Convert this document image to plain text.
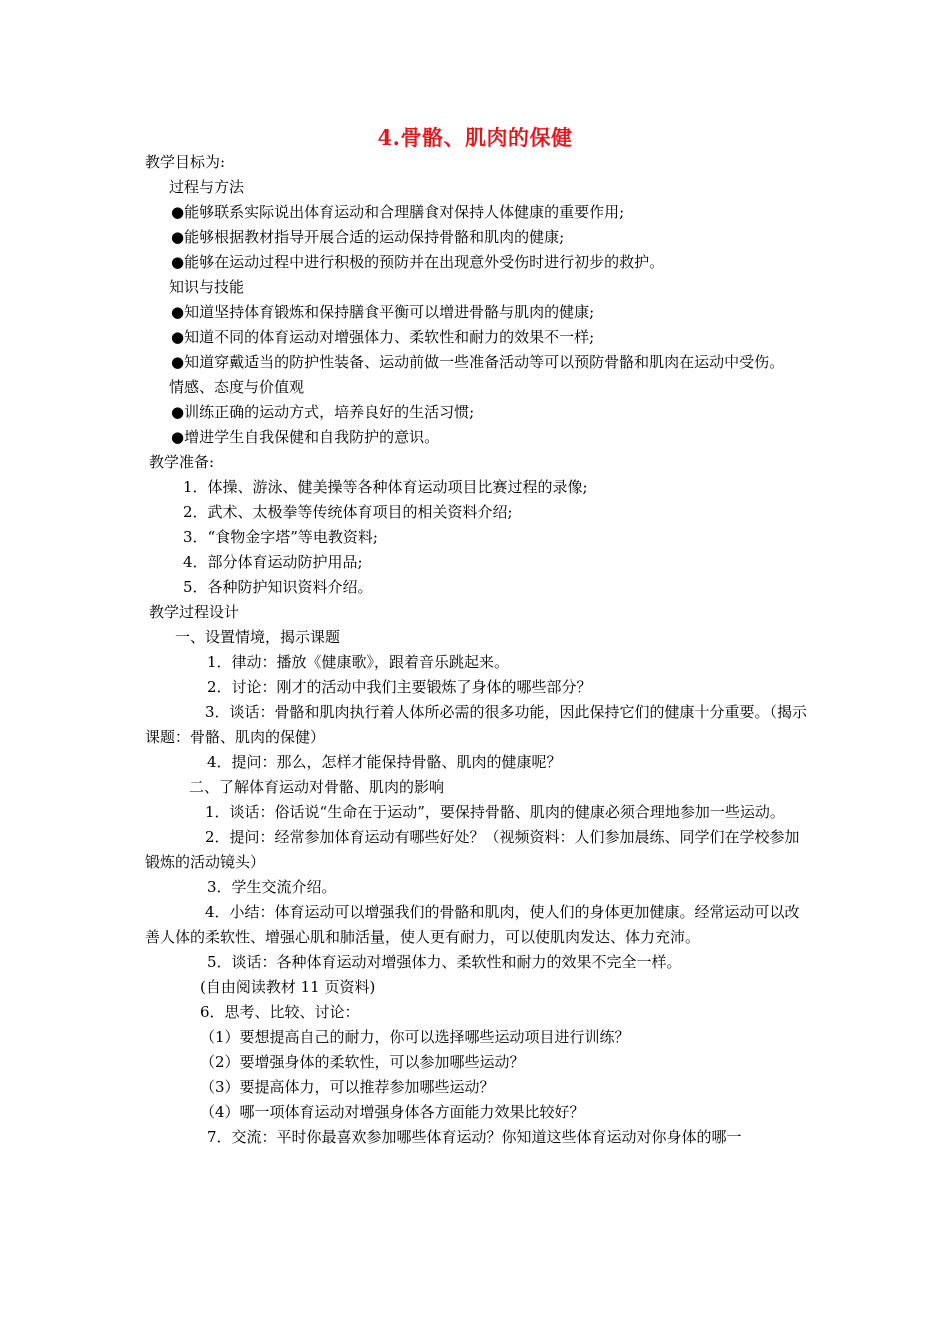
4.骨骼、肌肉的保健
教学目标为:
过程与方法
●能够联系实际说出体育运动和合理膳食对保持人体健康的重要作用;
●能够根据教材指导开展合适的运动保持骨骼和肌肉的健康;
●能够在运动过程中进行积极的预防并在出现意外受伤时进行初步的救护。
知识与技能
●知道坚持体育锻炼和保持膳食平衡可以增进骨骼与肌肉的健康;
●知道不同的体育运动对增强体力、柔软性和耐力的效果不一样;
●知道穿戴适当的防护性装备、运动前做一些准备活动等可以预防骨骼和肌肉在运动中受伤。
情感、态度与价值观
●训练正确的运动方式，培养良好的生活习惯;
●增进学生自我保健和自我防护的意识。
教学准备:
1．体操、游泳、健美操等各种体育运动项目比赛过程的录像;
2．武术、太极拳等传统体育项目的相关资料介绍;
3．“食物金字塔”等电教资料;
4．部分体育运动防护用品;
5．各种防护知识资料介绍。
教学过程设计
一、设置情境，揭示课题
1．律动：播放《健康歌》，跟着音乐跳起来。
2．讨论：刚才的活动中我们主要锻炼了身体的哪些部分？
3．谈话：骨骼和肌肉执行着人体所必需的很多功能，因此保持它们的健康十分重要。（揭示课题：骨骼、肌肉的保健）
4．提问：那么，怎样才能保持骨骼、肌肉的健康呢？
二、了解体育运动对骨骼、肌肉的影响
1．谈话：俗话说“生命在于运动”，要保持骨骼、肌肉的健康必须合理地参加一些运动。
2．提问：经常参加体育运动有哪些好处？（视频资料：人们参加晨练、同学们在学校参加锻炼的活动镜头）
3．学生交流介绍。
4．小结：体育运动可以增强我们的骨骼和肌肉，使人们的身体更加健康。经常运动可以改善人体的柔软性、增强心肌和肺活量，使人更有耐力，可以使肌肉发达、体力充沛。
5．谈话：各种体育运动对增强体力、柔软性和耐力的效果不完全一样。
(自由阅读教材 11 页资料)
6．思考、比较、讨论：
（1）要想提高自己的耐力，你可以选择哪些运动项目进行训练？
（2）要增强身体的柔软性，可以参加哪些运动？
（3）要提高体力，可以推荐参加哪些运动？
（4）哪一项体育运动对增强身体各方面能力效果比较好？
7．交流：平时你最喜欢参加哪些体育运动？你知道这些体育运动对你身体的哪一
